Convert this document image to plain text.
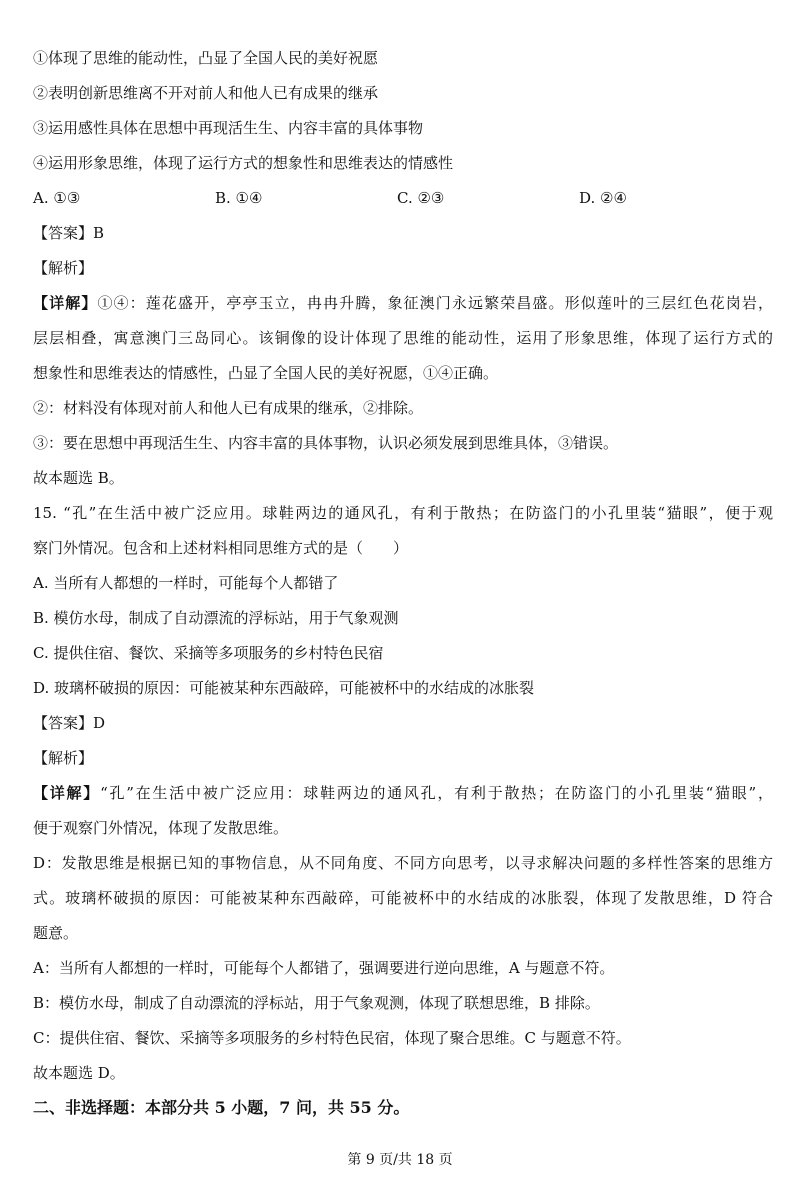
①体现了思维的能动性，凸显了全国人民的美好祝愿
②表明创新思维离不开对前人和他人已有成果的继承
③运用感性具体在思想中再现活生生、内容丰富的具体事物
④运用形象思维，体现了运行方式的想象性和思维表达的情感性
A. ①③	B. ①④	C. ②③	D. ②④
【答案】B
【解析】
【详解】①④：莲花盛开，亭亭玉立，冉冉升腾，象征澳门永远繁荣昌盛。形似莲叶的三层红色花岗岩，
层层相叠，寓意澳门三岛同心。该铜像的设计体现了思维的能动性，运用了形象思维，体现了运行方式的
想象性和思维表达的情感性，凸显了全国人民的美好祝愿，①④正确。
②：材料没有体现对前人和他人已有成果的继承，②排除。
③：要在思想中再现活生生、内容丰富的具体事物，认识必须发展到思维具体，③错误。
故本题选 B。
15. “孔”在生活中被广泛应用。球鞋两边的通风孔，有利于散热；在防盗门的小孔里装“猫眼”，便于观
察门外情况。包含和上述材料相同思维方式的是（　　）
A. 当所有人都想的一样时，可能每个人都错了
B. 模仿水母，制成了自动漂流的浮标站，用于气象观测
C. 提供住宿、餐饮、采摘等多项服务的乡村特色民宿
D. 玻璃杯破损的原因：可能被某种东西敲碎，可能被杯中的水结成的冰胀裂
【答案】D
【解析】
【详解】“孔”在生活中被广泛应用：球鞋两边的通风孔，有利于散热；在防盗门的小孔里装“猫眼”，
便于观察门外情况，体现了发散思维。
D：发散思维是根据已知的事物信息，从不同角度、不同方向思考，以寻求解决问题的多样性答案的思维方
式。玻璃杯破损的原因：可能被某种东西敲碎，可能被杯中的水结成的冰胀裂，体现了发散思维，D 符合
题意。
A：当所有人都想的一样时，可能每个人都错了，强调要进行逆向思维，A 与题意不符。
B：模仿水母，制成了自动漂流的浮标站，用于气象观测，体现了联想思维，B 排除。
C：提供住宿、餐饮、采摘等多项服务的乡村特色民宿，体现了聚合思维。C 与题意不符。
故本题选 D。
二、非选择题：本部分共 5 小题，7 问，共 55 分。
第 9 页/共 18 页
